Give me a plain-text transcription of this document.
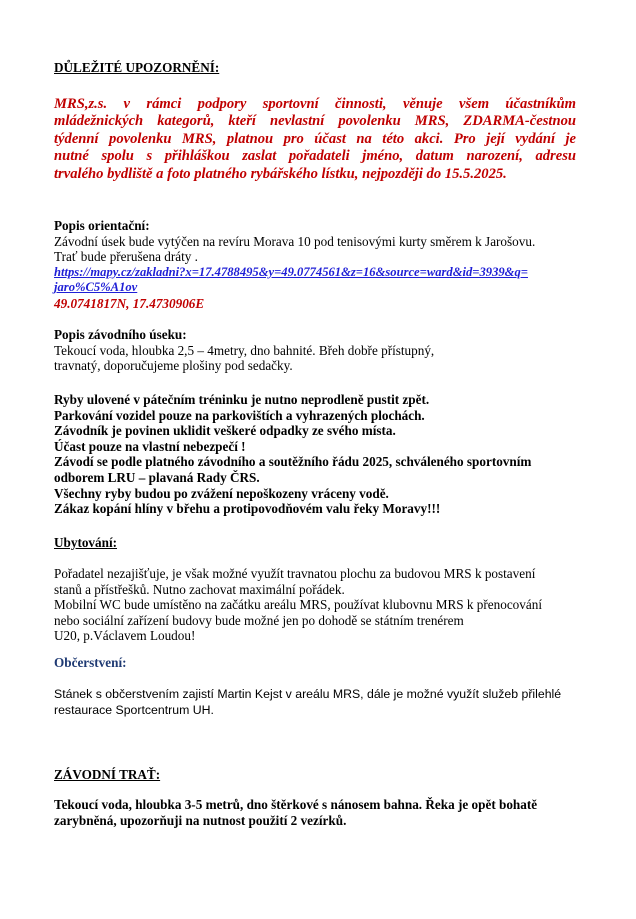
DŮLEŽITÉ UPOZORNĚNÍ:
MRS,z.s. v rámci podpory sportovní činnosti, věnuje všem účastníkům
mládežnických kategorů, kteří nevlastní povolenku MRS, ZDARMA-čestnou
týdenní povolenku MRS, platnou pro účast na této akci. Pro její vydání je
nutné spolu s přihláškou zaslat pořadateli jméno, datum narození, adresu
trvalého bydliště a foto platného rybářského lístku, nejpozději do 15.5.2025.
Popis orientační:
Závodní úsek bude vytýčen na revíru Morava 10 pod tenisovými kurty směrem k Jarošovu.
Trať bude přerušena dráty .
https://mapy.cz/zakladni?x=17.4788495&y=49.0774561&z=16&source=ward&id=3939&q=
jaro%C5%A1ov
49.0741817N, 17.4730906E
Popis závodního úseku:
Tekoucí voda, hloubka 2,5 – 4metry, dno bahnité. Břeh dobře přístupný,
travnatý, doporučujeme plošiny pod sedačky.
Ryby ulovené v pátečním tréninku je nutno neprodleně pustit zpět.
Parkování vozidel pouze na parkovištích a vyhrazených plochách.
Závodník je povinen uklidit veškeré odpadky ze svého místa.
Účast pouze na vlastní nebezpečí !
Závodí se podle platného závodního a soutěžního řádu 2025, schváleného sportovním
odborem LRU – plavaná Rady ČRS.
Všechny ryby budou po zvážení nepoškozeny vráceny vodě.
Zákaz kopání hlíny v břehu a protipovodňovém valu řeky Moravy!!!
Ubytování:
Pořadatel nezajišťuje, je však možné využít travnatou plochu za budovou MRS k postavení
stanů a přístřešků. Nutno zachovat maximální pořádek.
Mobilní WC bude umístěno na začátku areálu MRS, používat klubovnu MRS k přenocování
nebo sociální zařízení budovy bude možné jen po dohodě se státním trenérem
U20, p.Václavem Loudou!
Občerstvení:
Stánek s občerstvením zajistí Martin Kejst v areálu MRS, dále je možné využít služeb přilehlé
restaurace Sportcentrum UH.
ZÁVODNÍ TRAŤ:
Tekoucí voda, hloubka 3-5 metrů, dno štěrkové s nánosem bahna. Řeka je opět bohatě
zarybněná, upozorňuji na nutnost použití 2 vezírků.
